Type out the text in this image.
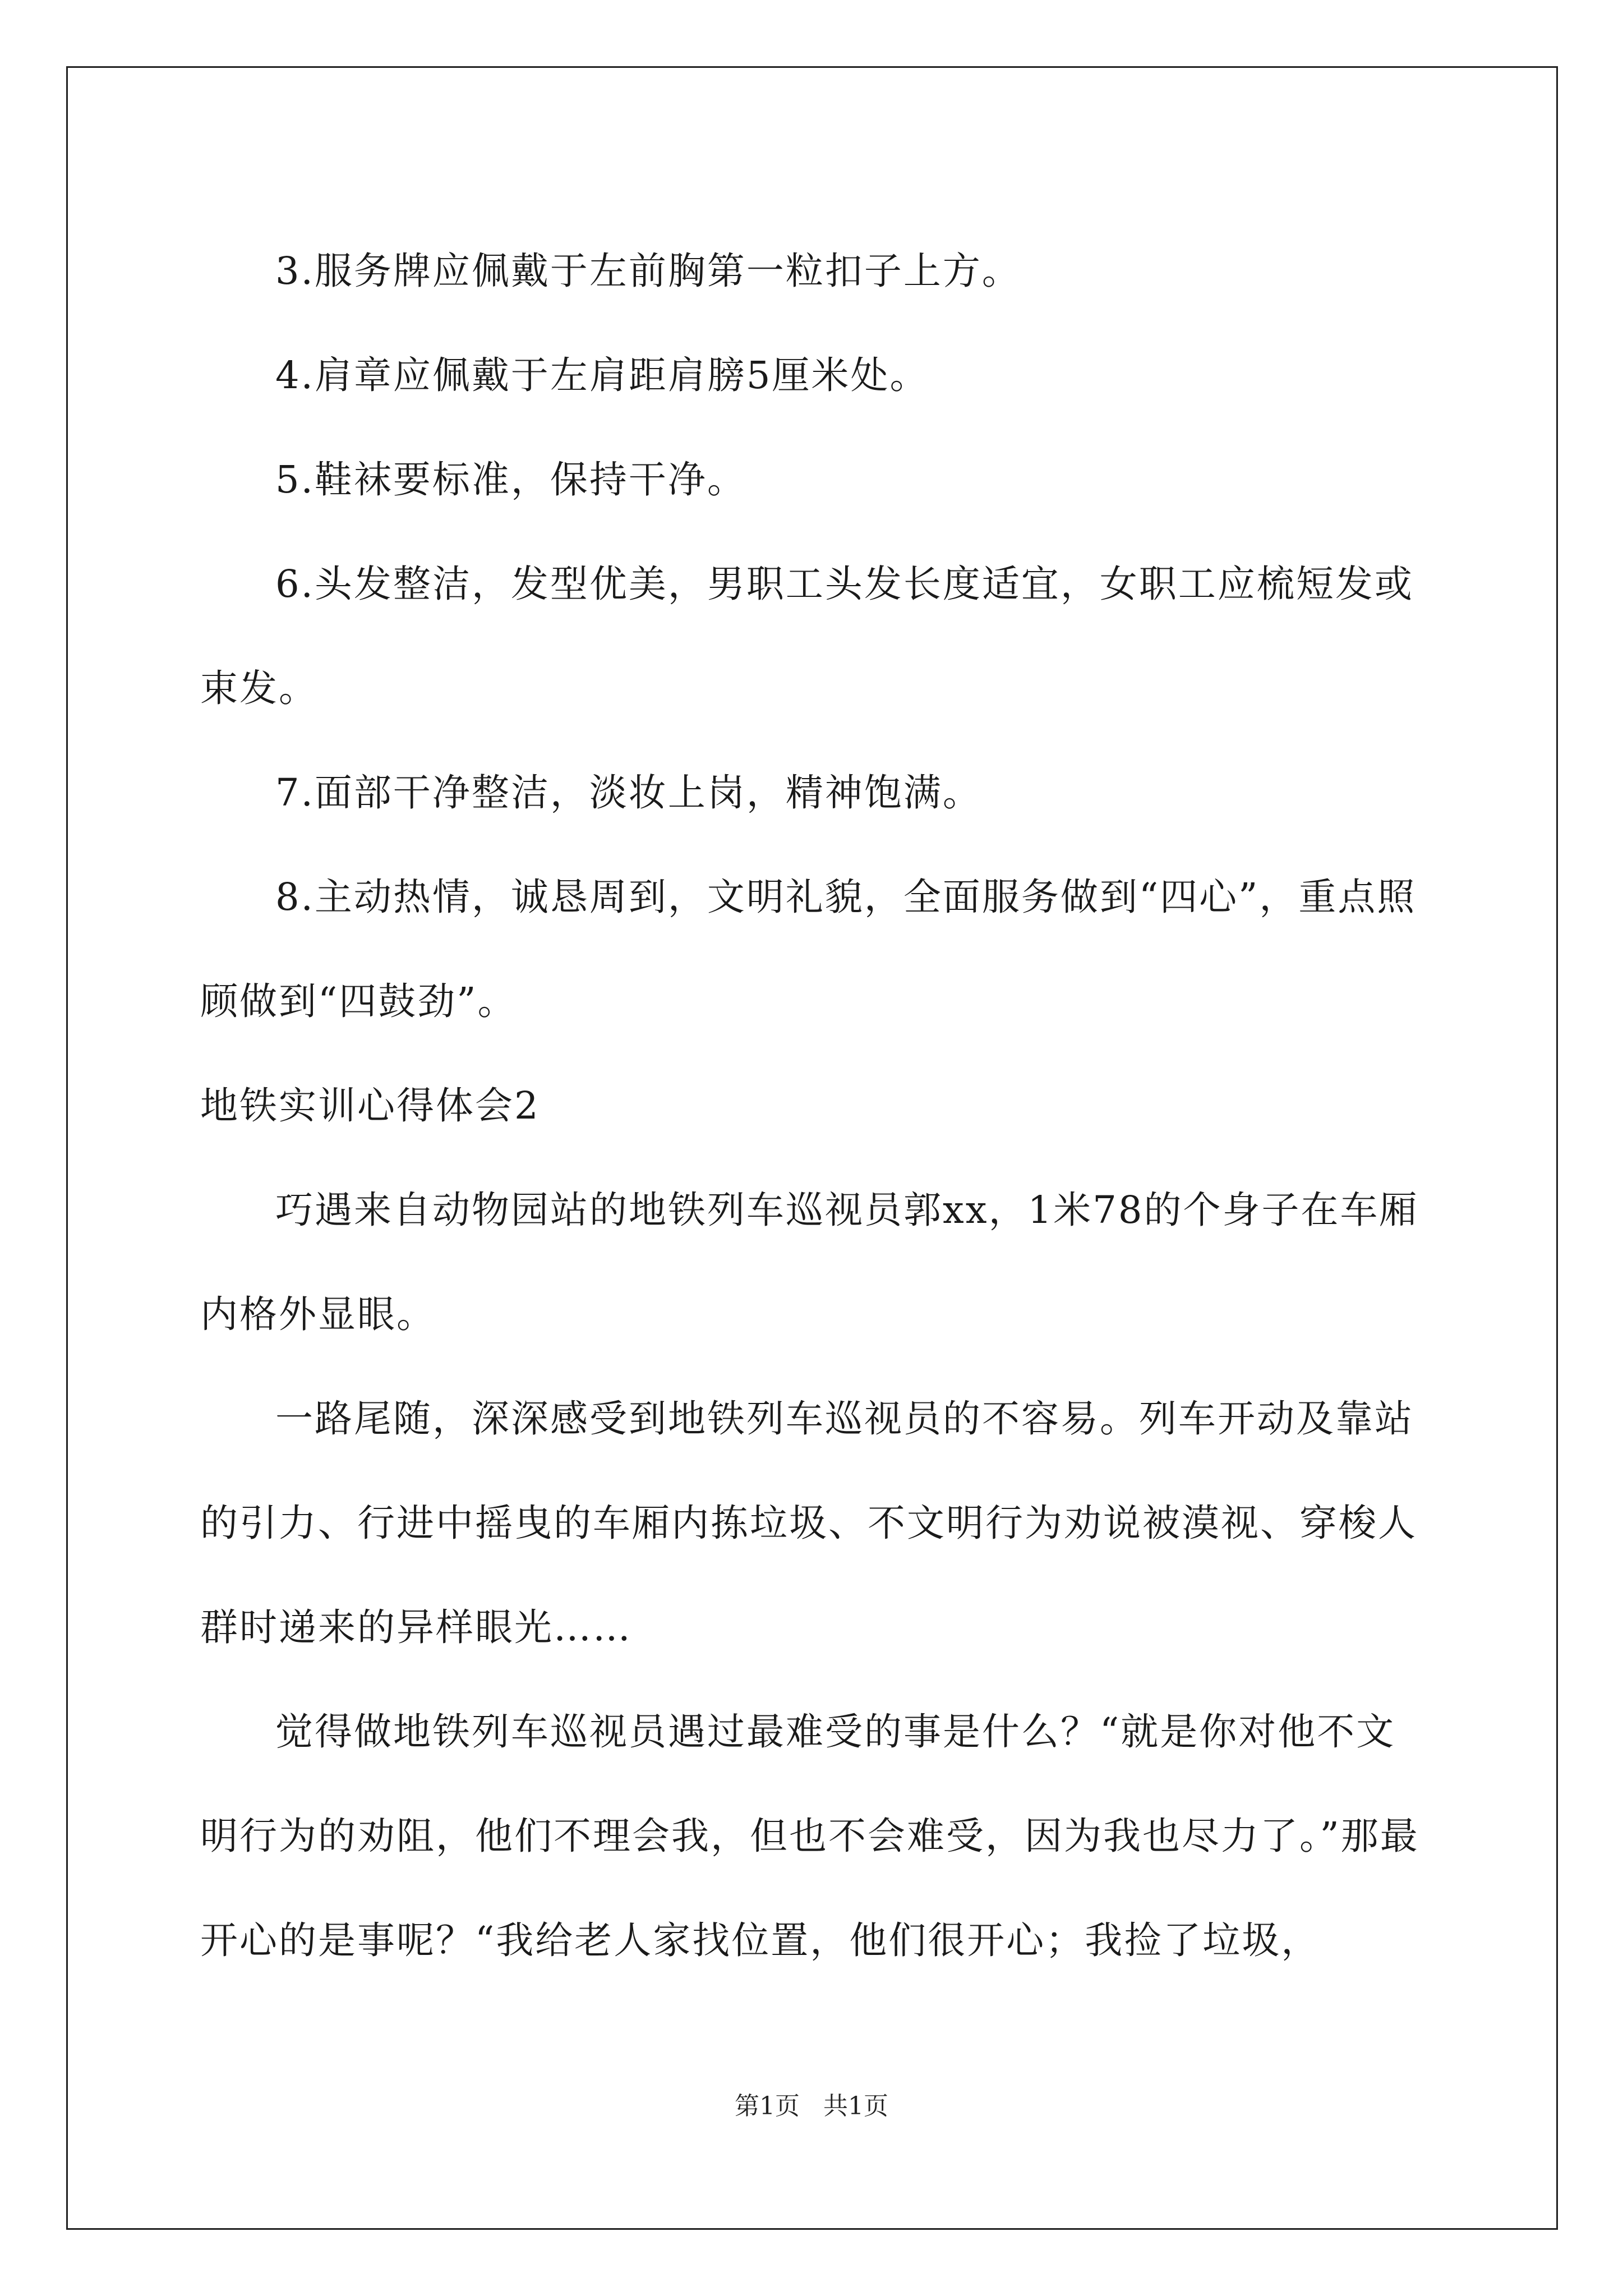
3.服务牌应佩戴于左前胸第一粒扣子上方。

4.肩章应佩戴于左肩距肩膀5厘米处。

5.鞋袜要标准，保持干净。

6.头发整洁，发型优美，男职工头发长度适宜，女职工应梳短发或束发。

7.面部干净整洁，淡妆上岗，精神饱满。

8.主动热情，诚恳周到，文明礼貌，全面服务做到“四心”，重点照顾做到“四鼓劲”。

地铁实训心得体会2

巧遇来自动物园站的地铁列车巡视员郭xx，1米78的个身子在车厢内格外显眼。

一路尾随，深深感受到地铁列车巡视员的不容易。列车开动及靠站的引力、行进中摇曳的车厢内拣垃圾、不文明行为劝说被漠视、穿梭人群时递来的异样眼光……

觉得做地铁列车巡视员遇过最难受的事是什么？“就是你对他不文明行为的劝阻，他们不理会我，但也不会难受，因为我也尽力了。”那最开心的是事呢？“我给老人家找位置，他们很开心；我捡了垃圾，

第1页 共1页
